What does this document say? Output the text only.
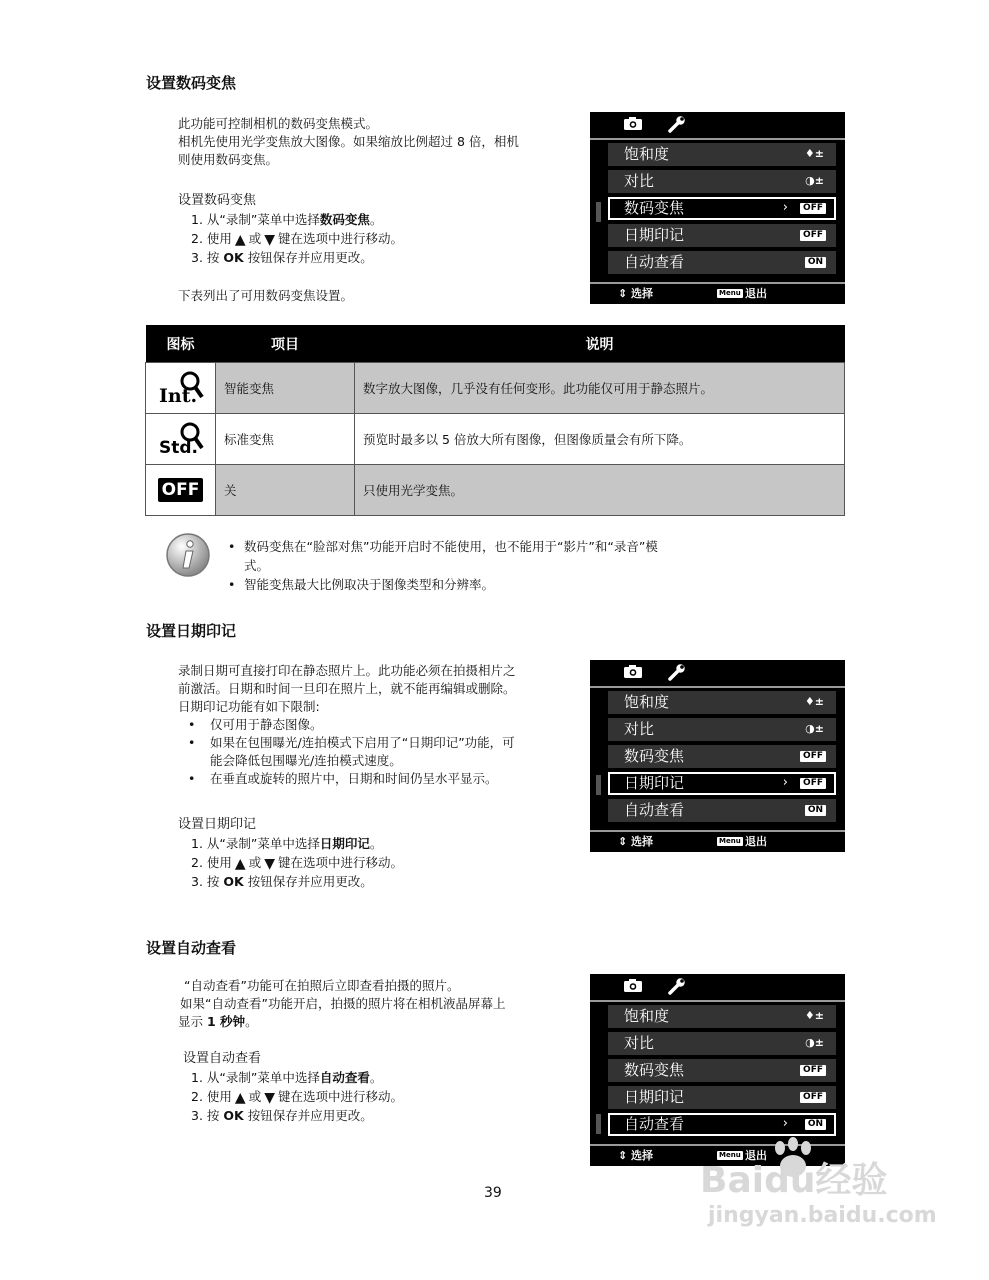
设置数码变焦
此功能可控制相机的数码变焦模式。
相机先使用光学变焦放大图像。如果缩放比例超过 8 倍，相机
则使用数码变焦。
设置数码变焦
1. 从“录制”菜单中选择数码变焦。
2. 使用 ▲ 或 ▼ 键在选项中进行移动。
3. 按 OK 按钮保存并应用更改。
下表列出了可用数码变焦设置。
饱和度	♦±
对比	◑±
数码变焦	›	OFF
日期印记	OFF
自动查看	ON
⇕ 选择	Menu 退出
图标	项目	说明

Int.	智能变焦	数字放大图像，几乎没有任何变形。此功能仅可用于静态照片。

Std.	标准变焦	预览时最多以 5 倍放大所有图像，但图像质量会有所下降。
OFF	关	只使用光学变焦。
• 数码变焦在“脸部对焦”功能开启时不能使用，也不能用于“影片”和“录音”模
式。
• 智能变焦最大比例取决于图像类型和分辨率。
设置日期印记
录制日期可直接打印在静态照片上。此功能必须在拍摄相片之
前激活。日期和时间一旦印在照片上，就不能再编辑或删除。
日期印记功能有如下限制:
• 仅可用于静态图像。
• 如果在包围曝光/连拍模式下启用了“日期印记”功能，可
能会降低包围曝光/连拍模式速度。
• 在垂直或旋转的照片中，日期和时间仍呈水平显示。
设置日期印记
1. 从“录制”菜单中选择日期印记。
2. 使用 ▲ 或 ▼ 键在选项中进行移动。
3. 按 OK 按钮保存并应用更改。
饱和度	♦±
对比	◑±
数码变焦	OFF
日期印记	›	OFF
自动查看	ON
⇕ 选择	Menu 退出
设置自动查看
“自动查看”功能可在拍照后立即查看拍摄的照片。
如果“自动查看”功能开启，拍摄的照片将在相机液晶屏幕上
显示 1 秒钟。
设置自动查看
1. 从“录制”菜单中选择自动查看。
2. 使用 ▲ 或 ▼ 键在选项中进行移动。
3. 按 OK 按钮保存并应用更改。
饱和度	♦±
对比	◑±
数码变焦	OFF
日期印记	OFF
自动查看	›	ON
⇕ 选择	Menu 退出
39	Baidu经验
jingyan.baidu.com
